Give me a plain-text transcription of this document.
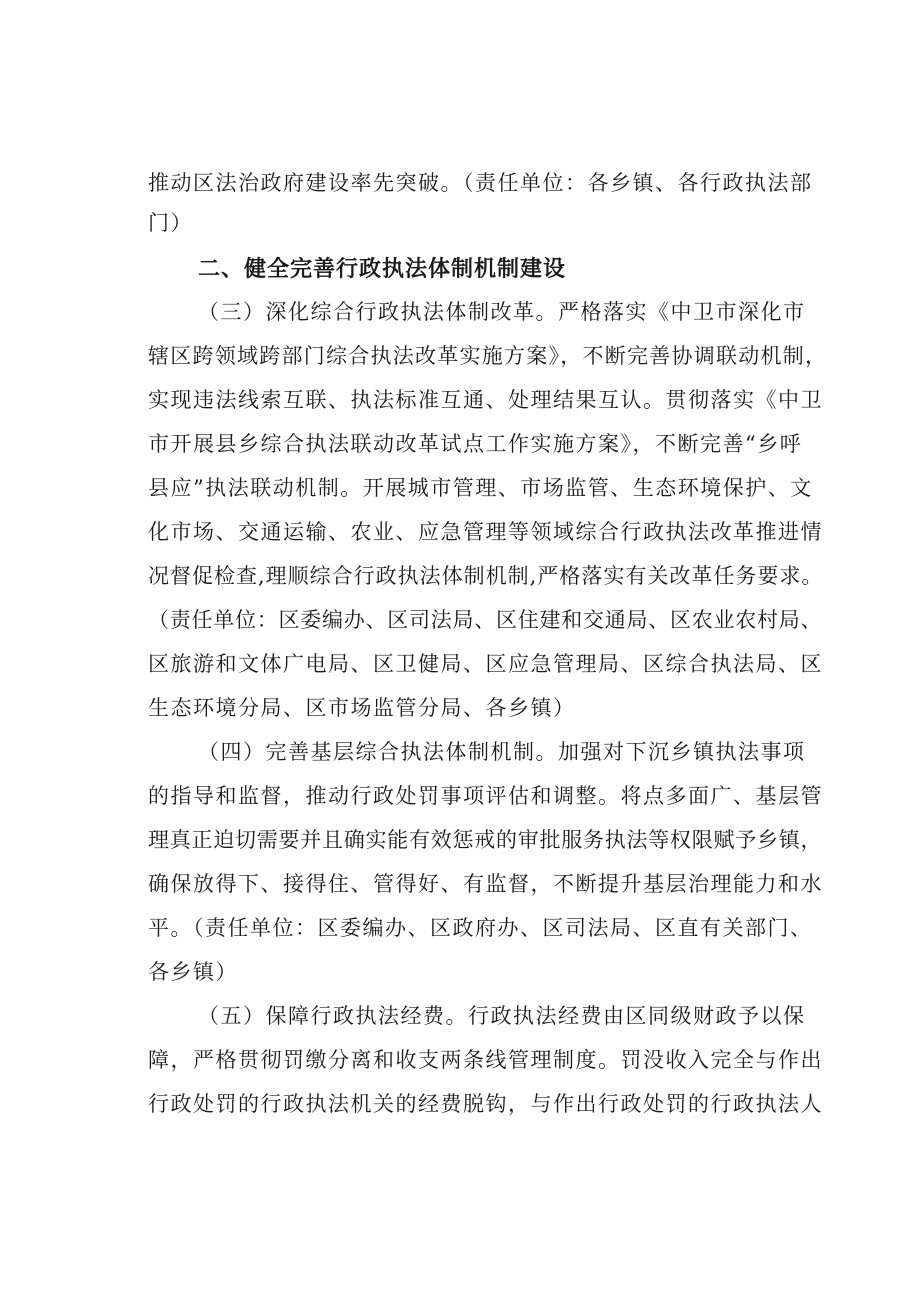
推动区法治政府建设率先突破。（责任单位：各乡镇、各行政执法部
门）
二、健全完善行政执法体制机制建设
（三）深化综合行政执法体制改革。严格落实《中卫市深化市
辖区跨领域跨部门综合执法改革实施方案》，不断完善协调联动机制，
实现违法线索互联、执法标准互通、处理结果互认。贯彻落实《中卫
市开展县乡综合执法联动改革试点工作实施方案》，不断完善“乡呼
县应”执法联动机制。开展城市管理、市场监管、生态环境保护、文
化市场、交通运输、农业、应急管理等领域综合行政执法改革推进情
况督促检查,理顺综合行政执法体制机制,严格落实有关改革任务要求。
（责任单位：区委编办、区司法局、区住建和交通局、区农业农村局、
区旅游和文体广电局、区卫健局、区应急管理局、区综合执法局、区
生态环境分局、区市场监管分局、各乡镇）
（四）完善基层综合执法体制机制。加强对下沉乡镇执法事项
的指导和监督，推动行政处罚事项评估和调整。将点多面广、基层管
理真正迫切需要并且确实能有效惩戒的审批服务执法等权限赋予乡镇，
确保放得下、接得住、管得好、有监督，不断提升基层治理能力和水
平。（责任单位：区委编办、区政府办、区司法局、区直有关部门、
各乡镇）
（五）保障行政执法经费。行政执法经费由区同级财政予以保
障，严格贯彻罚缴分离和收支两条线管理制度。罚没收入完全与作出
行政处罚的行政执法机关的经费脱钩，与作出行政处罚的行政执法人
